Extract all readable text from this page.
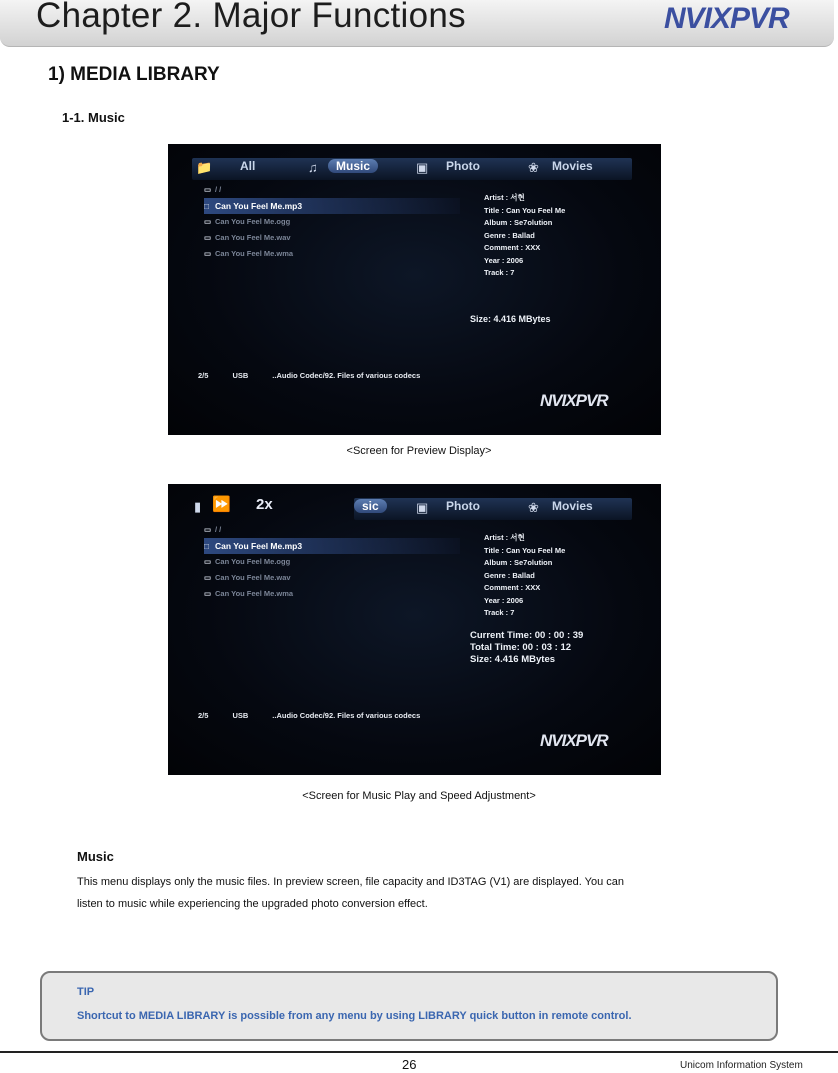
Chapter 2. Major Functions	NVIXPVR
1) MEDIA LIBRARY
1-1. Music
📁 All	♫	Music	▣ Photo	❀ Movies
▭ / /
□ Can You Feel Me.mp3
▭ Can You Feel Me.ogg
▭ Can You Feel Me.wav
▭ Can You Feel Me.wma
Artist : 서현
Title : Can You Feel Me
Album : Se7olution
Genre : Ballad
Comment : XXX
Year : 2006
Track : 7
Size: 4.416 MBytes
2/5	USB	..Audio Codec/92. Files of various codecs
NVIXPVR
<Screen for Preview Display>
▮ ⏩ 2x	sic	▣ Photo	❀ Movies
▭ / /
□ Can You Feel Me.mp3
▭ Can You Feel Me.ogg
▭ Can You Feel Me.wav
▭ Can You Feel Me.wma
Artist : 서현
Title : Can You Feel Me
Album : Se7olution
Genre : Ballad
Comment : XXX
Year : 2006
Track : 7
Current Time: 00 : 00 : 39
Total Time: 00 : 03 : 12
Size: 4.416 MBytes
2/5	USB	..Audio Codec/92. Files of various codecs
NVIXPVR
<Screen for Music Play and Speed Adjustment>
Music
This menu displays only the music files. In preview screen, file capacity and ID3TAG (V1) are displayed. You can
listen to music while experiencing the upgraded photo conversion effect.
TIP
Shortcut to MEDIA LIBRARY is possible from any menu by using LIBRARY quick button in remote control.
26	Unicom Information System
